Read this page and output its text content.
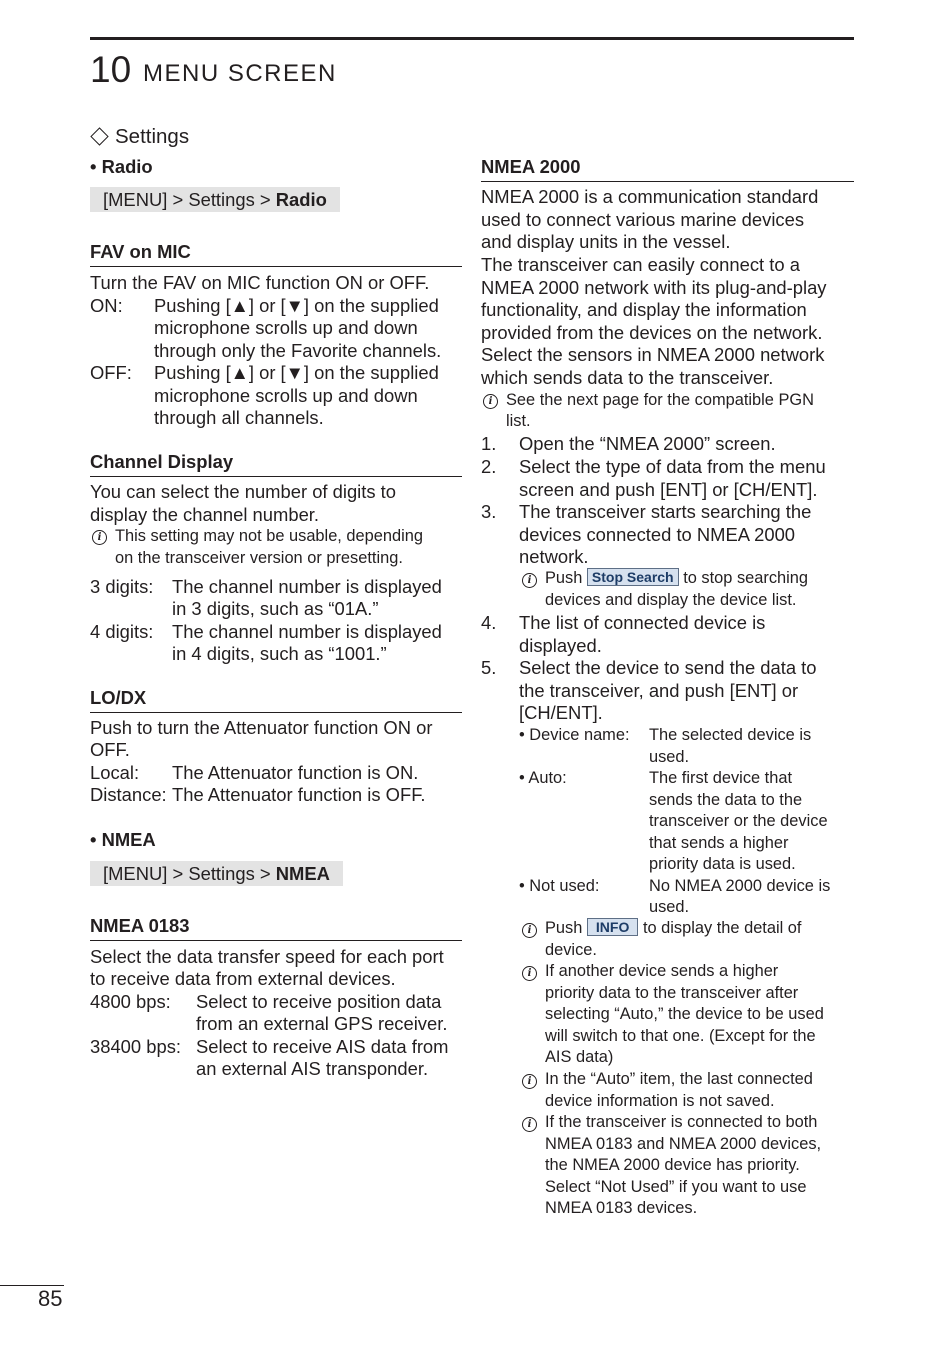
10 MENU SCREEN
Settings
• Radio
[MENU] > Settings > Radio
FAV on MIC
Turn the FAV on MIC function ON or OFF.
ON: Pushing [▲] or [▼] on the supplied
microphone scrolls up and down
through only the Favorite channels.
OFF: Pushing [▲] or [▼] on the supplied
microphone scrolls up and down
through all channels.
Channel Display
You can select the number of digits to
display the channel number.
i This setting may not be usable, depending
on the transceiver version or presetting.
3 digits: The channel number is displayed
in 3 digits, such as “01A.”
4 digits: The channel number is displayed
in 4 digits, such as “1001.”
LO/DX
Push to turn the Attenuator function ON or
OFF.
Local: The Attenuator function is ON.
Distance: The Attenuator function is OFF.
• NMEA
[MENU] > Settings > NMEA
NMEA 0183
Select the data transfer speed for each port
to receive data from external devices.
4800 bps: Select to receive position data
from an external GPS receiver.
38400 bps: Select to receive AIS data from
an external AIS transponder.
NMEA 2000
NMEA 2000 is a communication standard
used to connect various marine devices
and display units in the vessel.
The transceiver can easily connect to a
NMEA 2000 network with its plug-and-play
functionality, and display the information
provided from the devices on the network.
Select the sensors in NMEA 2000 network
which sends data to the transceiver.
i See the next page for the compatible PGN
list.
1. Open the “NMEA 2000” screen.
2. Select the type of data from the menu
screen and push [ENT] or [CH/ENT].
3. The transceiver starts searching the
devices connected to NMEA 2000
network.
i Push Stop Search to stop searching
devices and display the device list.
4. The list of connected device is
displayed.
5. Select the device to send the data to
the transceiver, and push [ENT] or
[CH/ENT].
• Device name: The selected device is
used.
• Auto:	The first device that
sends the data to the
transceiver or the device
that sends a higher
priority data is used.
• Not used:	No NMEA 2000 device is
used.
i Push INFO to display the detail of
device.
i If another device sends a higher
priority data to the transceiver after
selecting “Auto,” the device to be used
will switch to that one. (Except for the
AIS data)
i In the “Auto” item, the last connected
device information is not saved.
i If the transceiver is connected to both
NMEA 0183 and NMEA 2000 devices,
the NMEA 2000 device has priority.
Select “Not Used” if you want to use
NMEA 0183 devices.
85
